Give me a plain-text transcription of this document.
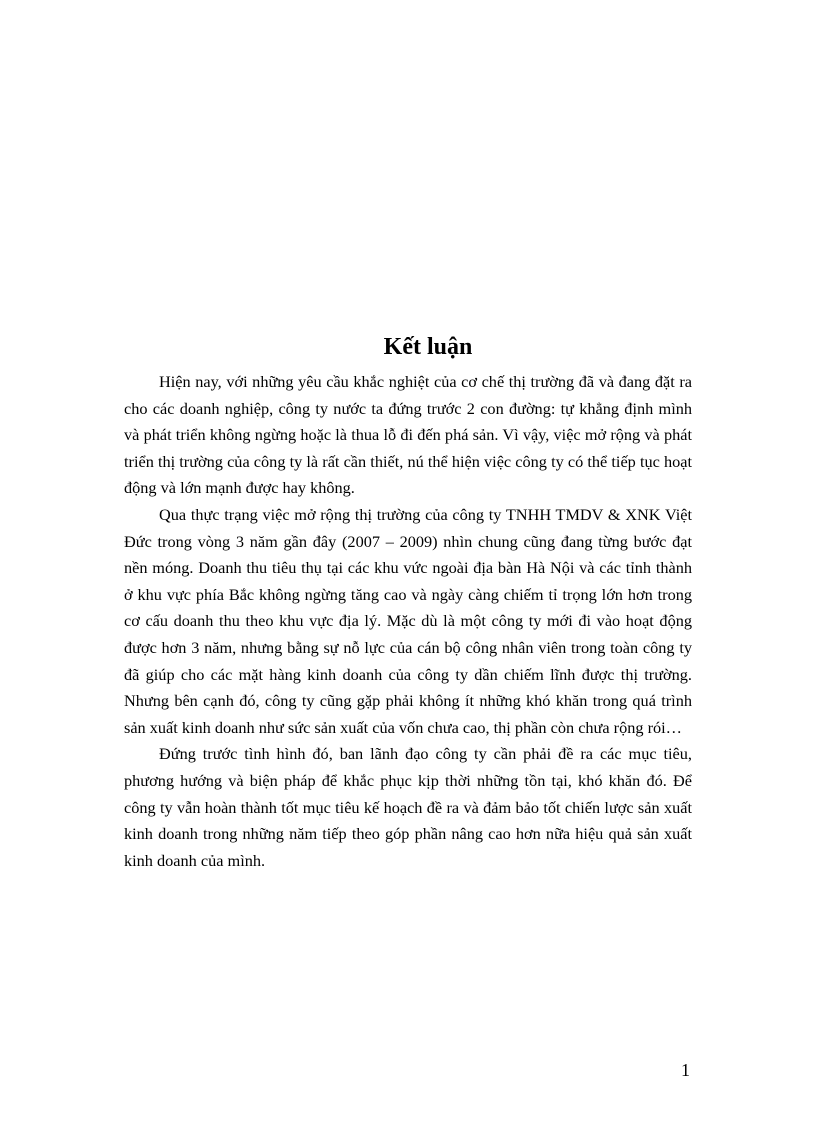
Kết luận

Hiện nay, với những yêu cầu khắc nghiệt của cơ chế thị trường đã và đang đặt ra cho các doanh nghiệp, công ty nước ta đứng trước 2 con đường: tự khẳng định mình và phát triển không ngừng hoặc là thua lỗ đi đến phá sản. Vì vậy, việc mở rộng và phát triển thị trường của công ty là rất cần thiết, nú thể hiện việc công ty có thể tiếp tục hoạt động và lớn mạnh được hay không.

Qua thực trạng việc mở rộng thị trường của công ty TNHH TMDV & XNK Việt Đức trong vòng 3 năm gần đây (2007 – 2009) nhìn chung cũng đang từng bước đạt nền móng. Doanh thu tiêu thụ tại các khu vức ngoài địa bàn Hà Nội và các tỉnh thành ở khu vực phía Bắc không ngừng tăng cao và ngày càng chiếm tỉ trọng lớn hơn trong cơ cấu doanh thu theo khu vực địa lý. Mặc dù là một công ty mới đi vào hoạt động được hơn 3 năm, nhưng bằng sự nỗ lực của cán bộ công nhân viên trong toàn công ty đã giúp cho các mặt hàng kinh doanh của công ty dần chiếm lĩnh được thị trường. Nhưng bên cạnh đó, công ty cũng gặp phải không ít những khó khăn trong quá trình sản xuất kinh doanh như sức sản xuất của vốn chưa cao, thị phần còn chưa rộng rói…

Đứng trước tình hình đó, ban lãnh đạo công ty cần phải đề ra các mục tiêu, phương hướng và biện pháp để khắc phục kịp thời những tồn tại, khó khăn đó. Để công ty vẫn hoàn thành tốt mục tiêu kế hoạch đề ra và đảm bảo tốt chiến lược sản xuất kinh doanh trong những năm tiếp theo góp phần nâng cao hơn nữa hiệu quả sản xuất kinh doanh của mình.

1
